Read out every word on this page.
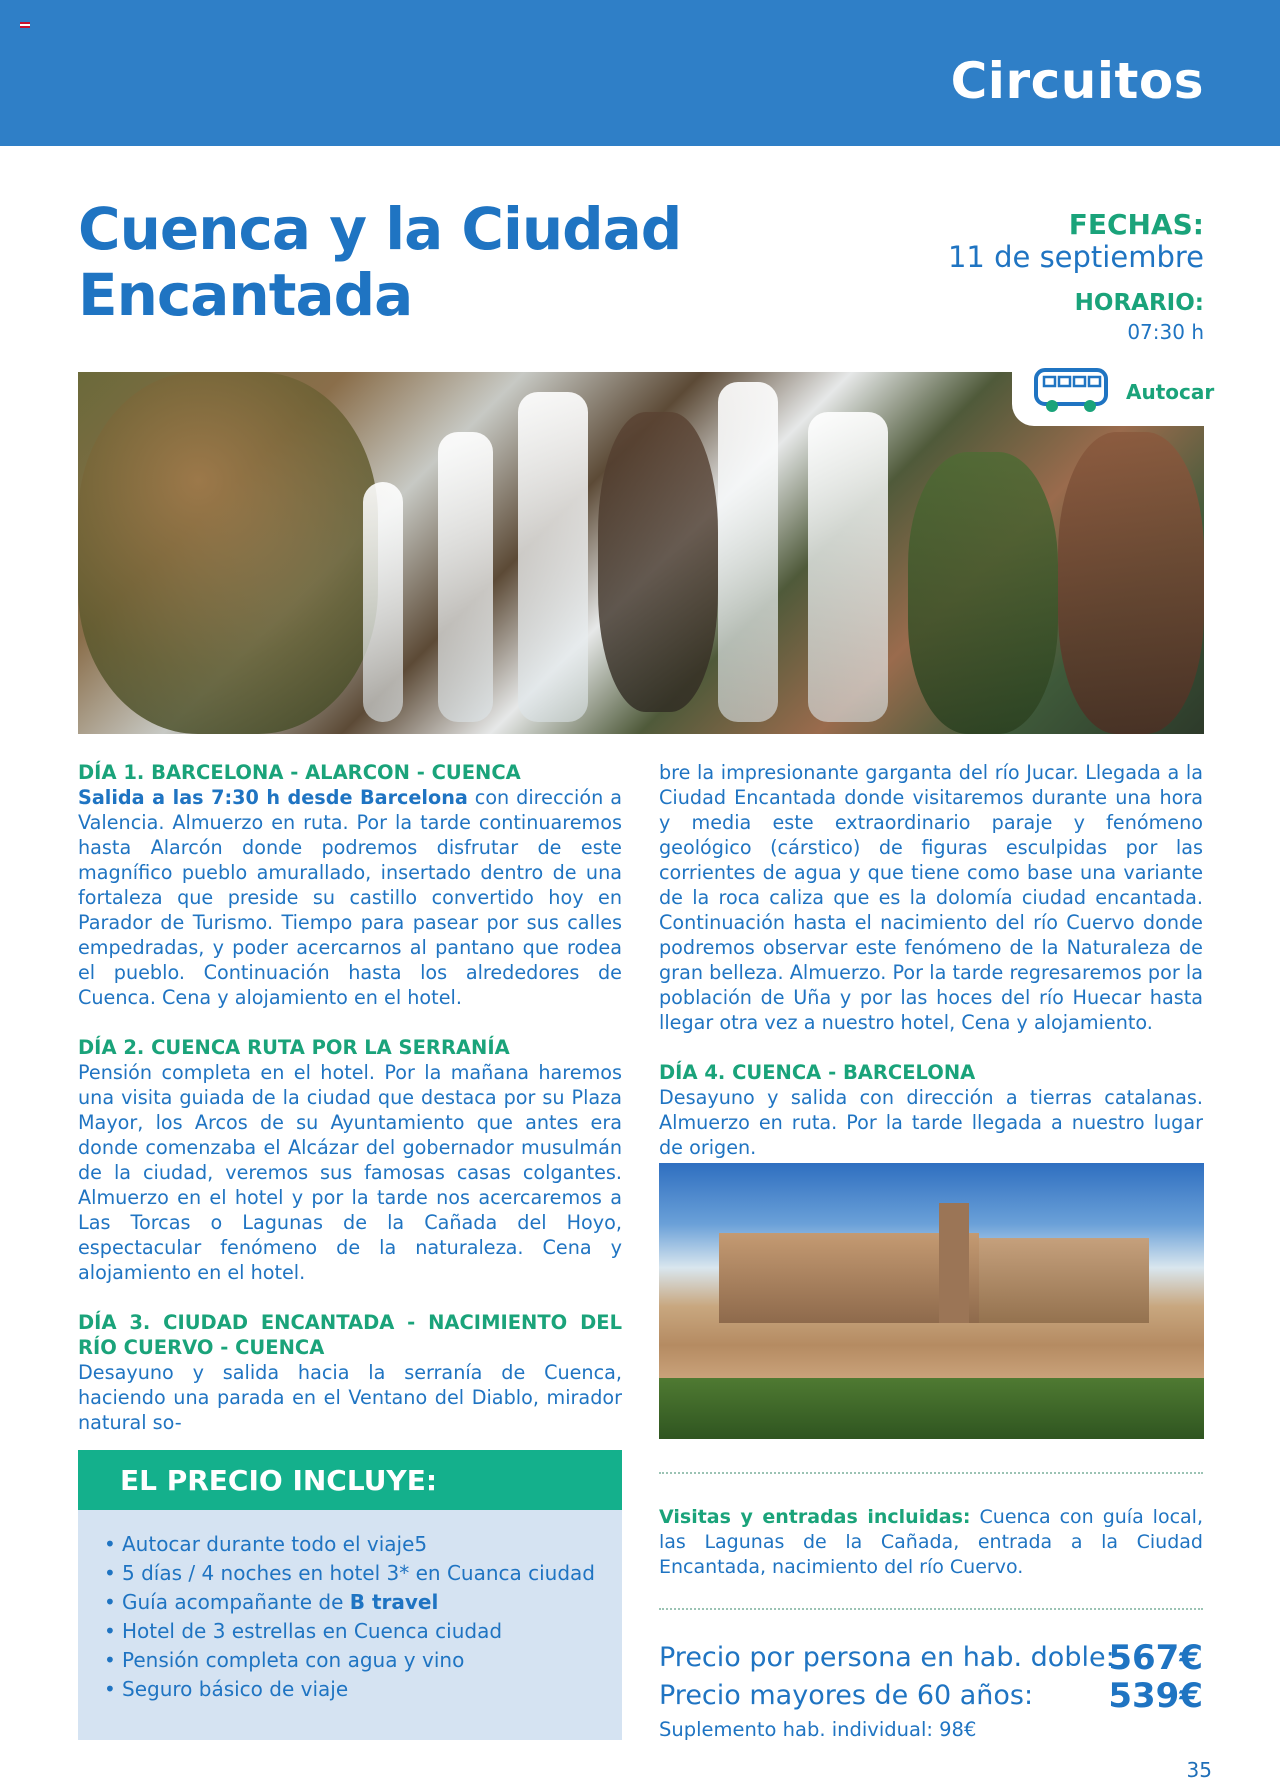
Circuitos
Cuenca y la Ciudad Encantada
FECHAS:
11 de septiembre
HORARIO:
07:30 h
Autocar

DÍA 1. BARCELONA - ALARCON - CUENCA

Salida a las 7:30 h desde Barcelona con dirección a Valencia. Almuerzo en ruta. Por la tarde continuaremos hasta Alarcón donde podremos disfrutar de este magnífico pueblo amurallado, insertado dentro de una fortaleza que preside su castillo convertido hoy en Parador de Turismo. Tiempo para pasear por sus calles empedradas, y poder acercarnos al pantano que rodea el pueblo. Continuación hasta los alrededores de Cuenca. Cena y alojamiento en el hotel.

DÍA 2. CUENCA RUTA POR LA SERRANÍA

Pensión completa en el hotel. Por la mañana haremos una visita guiada de la ciudad que destaca por su Plaza Mayor, los Arcos de su Ayuntamiento que antes era donde comenzaba el Alcázar del gobernador musulmán de la ciudad, veremos sus famosas casas colgantes. Almuerzo en el hotel y por la tarde nos acercaremos a Las Torcas o Lagunas de la Cañada del Hoyo, espectacular fenómeno de la naturaleza. Cena y alojamiento en el hotel.

DÍA 3. CIUDAD ENCANTADA - NACIMIENTO DEL RÍO CUERVO - CUENCA

Desayuno y salida hacia la serranía de Cuenca, haciendo una parada en el Ventano del Diablo, mirador natural so-

bre la impresionante garganta del río Jucar. Llegada a la Ciudad Encantada donde visitaremos durante una hora y media este extraordinario paraje y fenómeno geológico (cárstico) de figuras esculpidas por las corrientes de agua y que tiene como base una variante de la roca caliza que es la dolomía ciudad encantada. Continuación hasta el nacimiento del río Cuervo donde podremos observar este fenómeno de la Naturaleza de gran belleza. Almuerzo. Por la tarde regresaremos por la población de Uña y por las hoces del río Huecar hasta llegar otra vez a nuestro hotel, Cena y alojamiento.

DÍA 4. CUENCA - BARCELONA

Desayuno y salida con dirección a tierras catalanas. Almuerzo en ruta. Por la tarde llegada a nuestro lugar de origen.

EL PRECIO INCLUYE:
• Autocar durante todo el viaje5
• 5 días / 4 noches en hotel 3* en Cuanca ciudad
• Guía acompañante de B travel
• Hotel de 3 estrellas en Cuenca ciudad
• Pensión completa con agua y vino
• Seguro básico de viaje
Visitas y entradas incluidas: Cuenca con guía local, las Lagunas de la Cañada, entrada a la Ciudad Encantada, nacimiento del río Cuervo.
Precio por persona en hab. doble:
567€
Precio mayores de 60 años: 539€
Suplemento hab. individual: 98€
35
